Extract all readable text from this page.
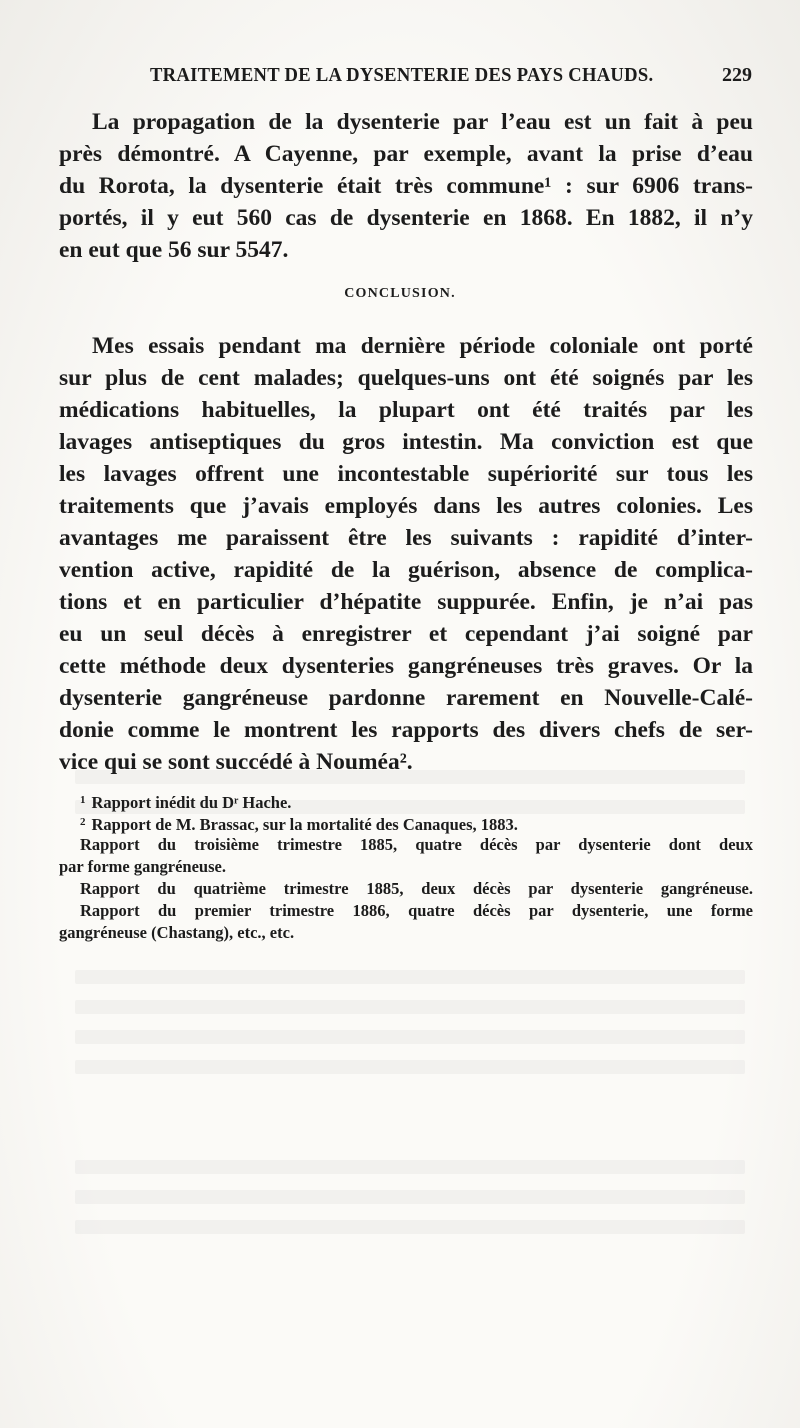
TRAITEMENT DE LA DYSENTERIE DES PAYS CHAUDS.	229
La propagation de la dysenterie par l’eau est un fait à peu
près démontré. A Cayenne, par exemple, avant la prise d’eau
du Rorota, la dysenterie était très commune¹ : sur 6906 trans-
portés, il y eut 560 cas de dysenterie en 1868. En 1882, il n’y
en eut que 56 sur 5547.
CONCLUSION.
Mes essais pendant ma dernière période coloniale ont porté
sur plus de cent malades; quelques-uns ont été soignés par les
médications habituelles, la plupart ont été traités par les
lavages antiseptiques du gros intestin. Ma conviction est que
les lavages offrent une incontestable supériorité sur tous les
traitements que j’avais employés dans les autres colonies. Les
avantages me paraissent être les suivants : rapidité d’inter-
vention active, rapidité de la guérison, absence de complica-
tions et en particulier d’hépatite suppurée. Enfin, je n’ai pas
eu un seul décès à enregistrer et cependant j’ai soigné par
cette méthode deux dysenteries gangréneuses très graves. Or la
dysenterie gangréneuse pardonne rarement en Nouvelle-Calé-
donie comme le montrent les rapports des divers chefs de ser-
vice qui se sont succédé à Nouméa².
$^1$ Rapport inédit du Dʳ Hache.
$^2$ Rapport de M. Brassac, sur la mortalité des Canaques, 1883.
Rapport du troisième trimestre 1885, quatre décès par dysenterie dont deux
par forme gangréneuse.
Rapport du quatrième trimestre 1885, deux décès par dysenterie gangréneuse.
Rapport du premier trimestre 1886, quatre décès par dysenterie, une forme
gangréneuse (Chastang), etc., etc.
